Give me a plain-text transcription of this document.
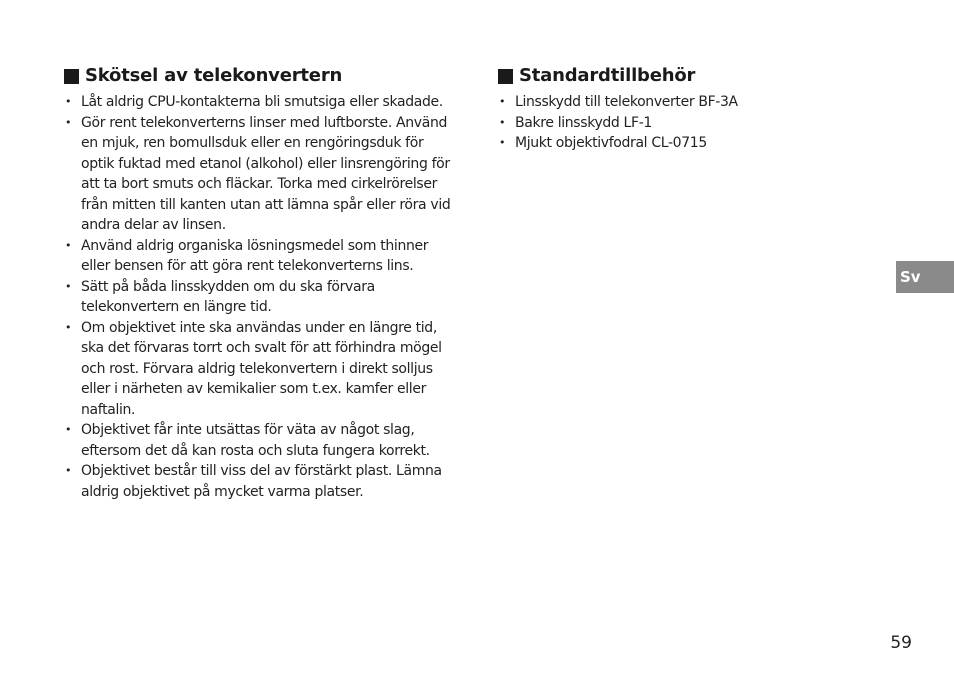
Skötsel av telekonvertern
• Låt aldrig CPU-kontakterna bli smutsiga eller skadade.
• Gör rent telekonverterns linser med luftborste. Använd en mjuk, ren bomullsduk eller en rengöringsduk för optik fuktad med etanol (alkohol) eller linsrengöring för att ta bort smuts och fläckar. Torka med cirkelrörelser från mitten till kanten utan att lämna spår eller röra vid andra delar av linsen.
• Använd aldrig organiska lösningsmedel som thinner eller bensen för att göra rent telekonverterns lins.
• Sätt på båda linsskydden om du ska förvara telekonvertern en längre tid.
• Om objektivet inte ska användas under en längre tid, ska det förvaras torrt och svalt för att förhindra mögel och rost. Förvara aldrig telekonvertern i direkt solljus eller i närheten av kemikalier som t.ex. kamfer eller naftalin.
• Objektivet får inte utsättas för väta av något slag, eftersom det då kan rosta och sluta fungera korrekt.
• Objektivet består till viss del av förstärkt plast. Lämna aldrig objektivet på mycket varma platser.
Standardtillbehör
• Linsskydd till telekonverter BF-3A
• Bakre linsskydd LF-1
• Mjukt objektivfodral CL-0715
Sv
59
